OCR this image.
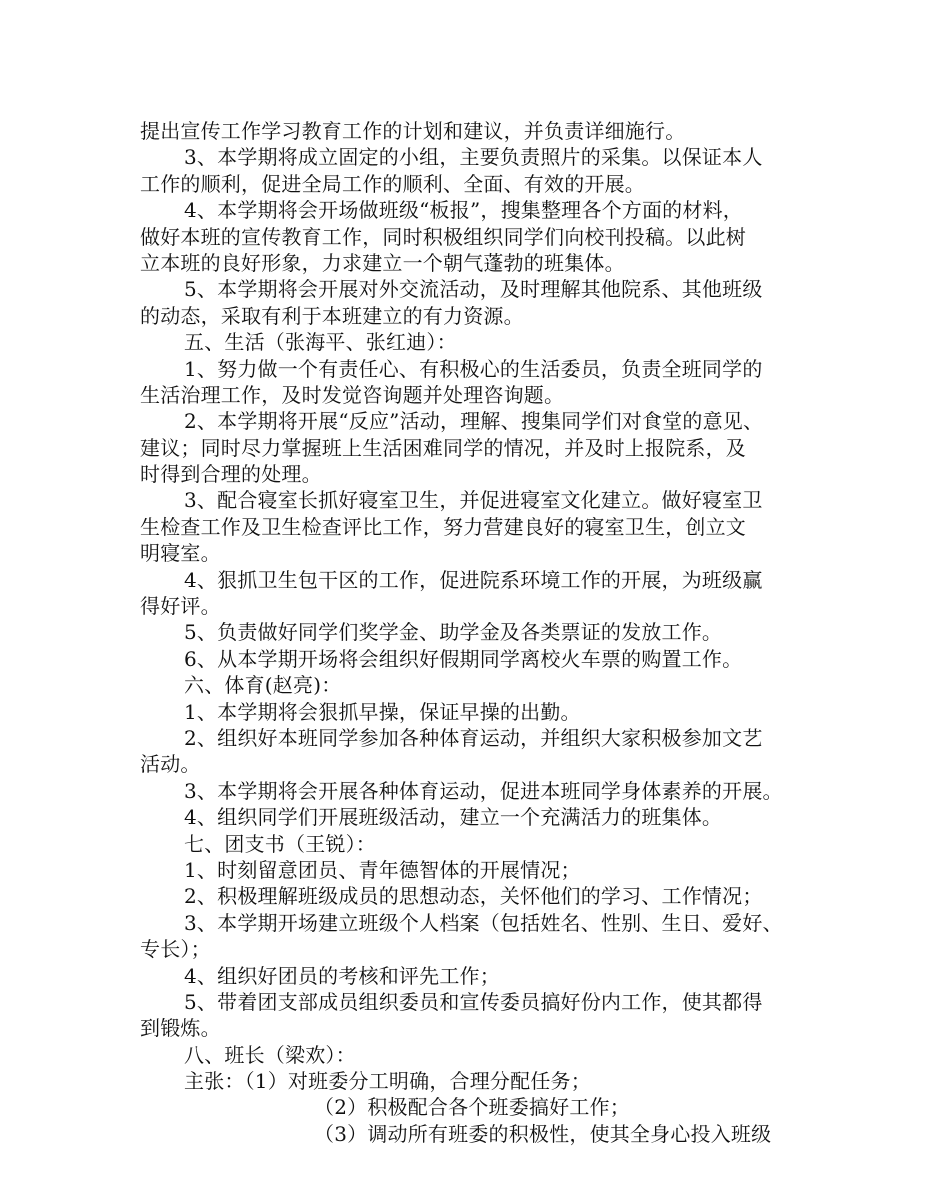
提出宣传工作学习教育工作的计划和建议，并负责详细施行。
3、本学期将成立固定的小组，主要负责照片的采集。以保证本人
工作的顺利，促进全局工作的顺利、全面、有效的开展。
4、本学期将会开场做班级“板报”，搜集整理各个方面的材料，
做好本班的宣传教育工作，同时积极组织同学们向校刊投稿。以此树
立本班的良好形象，力求建立一个朝气蓬勃的班集体。
5、本学期将会开展对外交流活动，及时理解其他院系、其他班级
的动态，采取有利于本班建立的有力资源。
五、生活（张海平、张红迪）：
1、努力做一个有责任心、有积极心的生活委员，负责全班同学的
生活治理工作，及时发觉咨询题并处理咨询题。
2、本学期将开展“反应”活动，理解、搜集同学们对食堂的意见、
建议；同时尽力掌握班上生活困难同学的情况，并及时上报院系，及
时得到合理的处理。
3、配合寝室长抓好寝室卫生，并促进寝室文化建立。做好寝室卫
生检查工作及卫生检查评比工作，努力营建良好的寝室卫生，创立文
明寝室。
4、狠抓卫生包干区的工作，促进院系环境工作的开展，为班级赢
得好评。
5、负责做好同学们奖学金、助学金及各类票证的发放工作。
6、从本学期开场将会组织好假期同学离校火车票的购置工作。
六、体育(赵亮)：
1、本学期将会狠抓早操，保证早操的出勤。
2、组织好本班同学参加各种体育运动，并组织大家积极参加文艺
活动。
3、本学期将会开展各种体育运动，促进本班同学身体素养的开展。
4、组织同学们开展班级活动，建立一个充满活力的班集体。
七、团支书（王锐）：
1、时刻留意团员、青年德智体的开展情况；
2、积极理解班级成员的思想动态，关怀他们的学习、工作情况；
3、本学期开场建立班级个人档案（包括姓名、性别、生日、爱好、
专长）；
4、组织好团员的考核和评先工作；
5、带着团支部成员组织委员和宣传委员搞好份内工作，使其都得
到锻炼。
八、班长（梁欢）：
主张：（1）对班委分工明确，合理分配任务；
（2）积极配合各个班委搞好工作；
（3）调动所有班委的积极性，使其全身心投入班级
